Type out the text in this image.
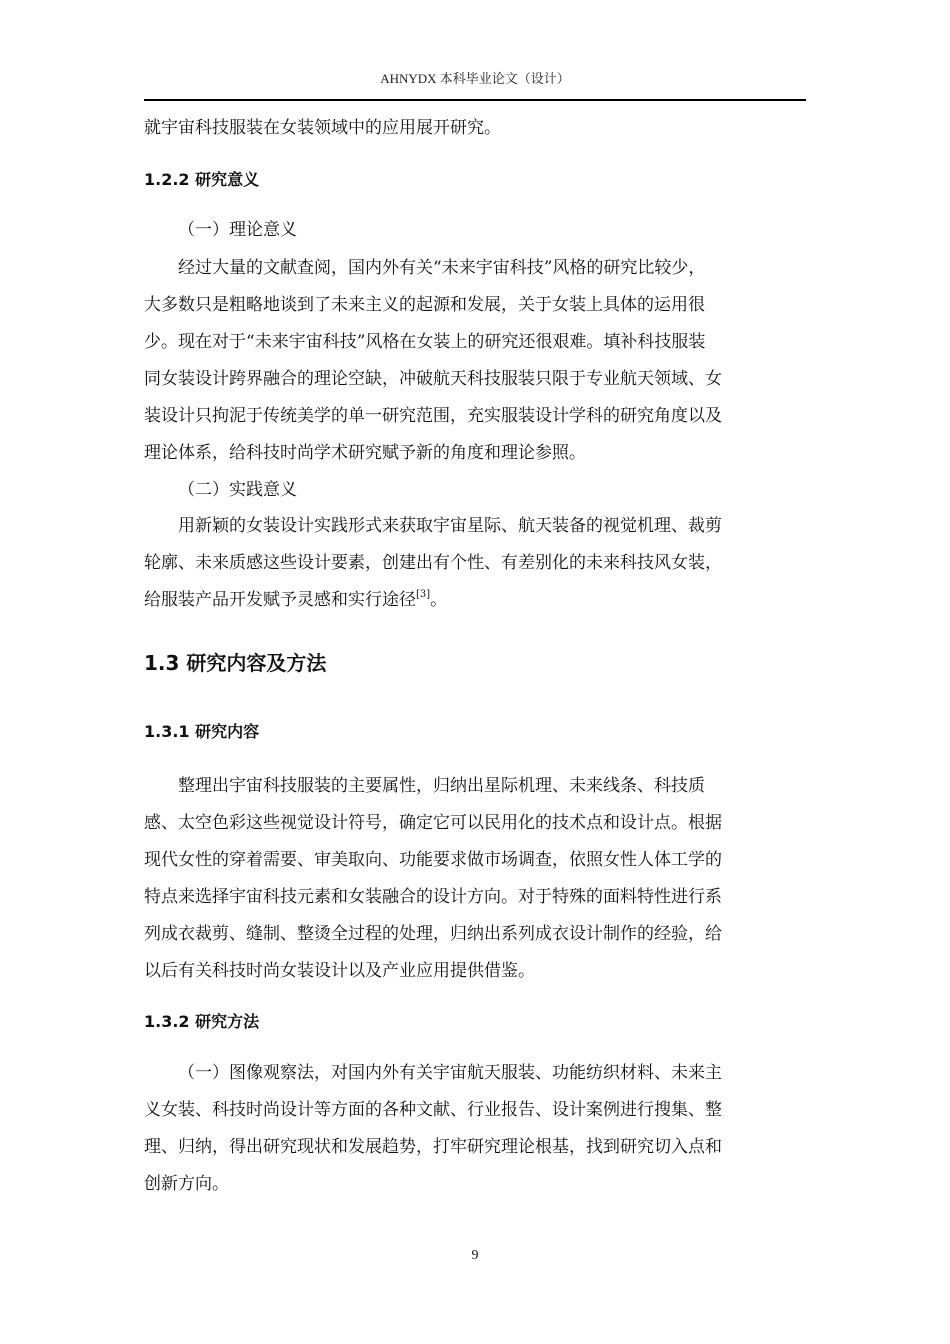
AHNYDX 本科毕业论文（设计）

就宇宙科技服装在女装领域中的应用展开研究。

1.2.2 研究意义

（一）理论意义

经过大量的文献查阅，国内外有关“未来宇宙科技”风格的研究比较少，
大多数只是粗略地谈到了未来主义的起源和发展，关于女装上具体的运用很
少。现在对于“未来宇宙科技”风格在女装上的研究还很艰难。填补科技服装
同女装设计跨界融合的理论空缺，冲破航天科技服装只限于专业航天领域、女
装设计只拘泥于传统美学的单一研究范围，充实服装设计学科的研究角度以及
理论体系，给科技时尚学术研究赋予新的角度和理论参照。

（二）实践意义

用新颖的女装设计实践形式来获取宇宙星际、航天装备的视觉机理、裁剪
轮廓、未来质感这些设计要素，创建出有个性、有差别化的未来科技风女装，
给服装产品开发赋予灵感和实行途径[3]。
1.3 研究内容及方法
1.3.1 研究内容
整理出宇宙科技服装的主要属性，归纳出星际机理、未来线条、科技质
感、太空色彩这些视觉设计符号，确定它可以民用化的技术点和设计点。根据
现代女性的穿着需要、审美取向、功能要求做市场调查，依照女性人体工学的
特点来选择宇宙科技元素和女装融合的设计方向。对于特殊的面料特性进行系
列成衣裁剪、缝制、整烫全过程的处理，归纳出系列成衣设计制作的经验，给
以后有关科技时尚女装设计以及产业应用提供借鉴。
1.3.2 研究方法
（一）图像观察法，对国内外有关宇宙航天服装、功能纺织材料、未来主
义女装、科技时尚设计等方面的各种文献、行业报告、设计案例进行搜集、整
理、归纳，得出研究现状和发展趋势，打牢研究理论根基，找到研究切入点和
创新方向。
9
